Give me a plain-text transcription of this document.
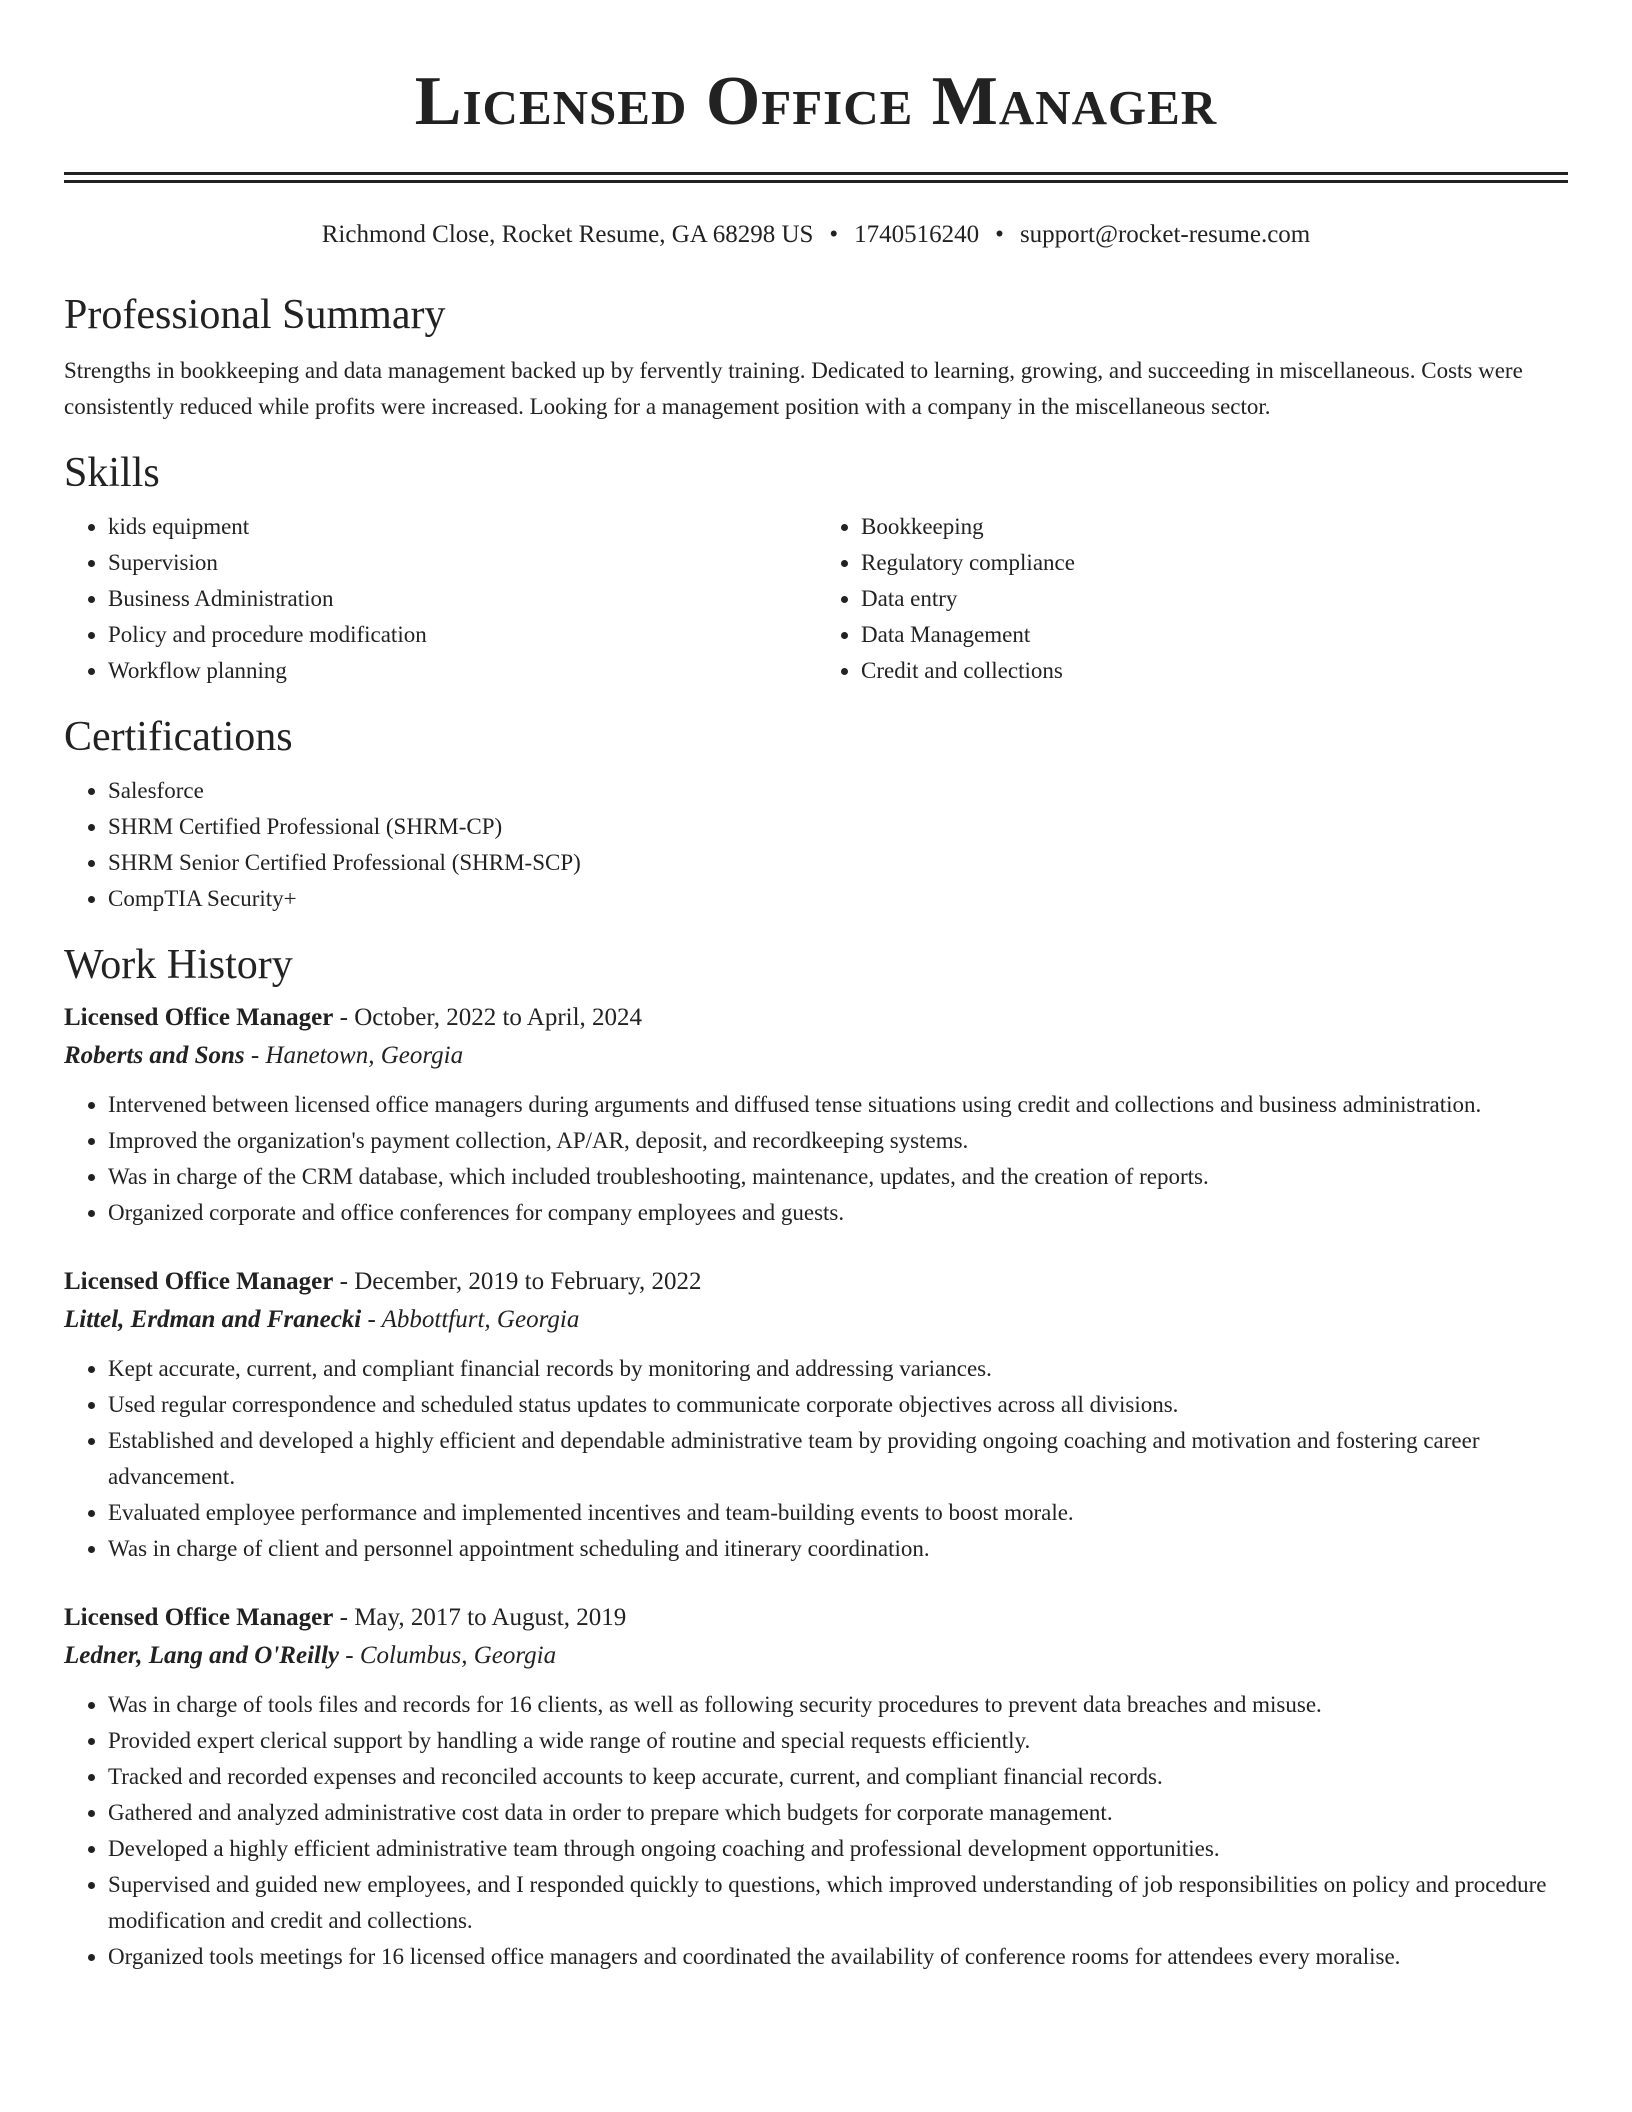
Licensed Office Manager
Richmond Close, Rocket Resume, GA 68298 US • 1740516240 • support@rocket-resume.com
Professional Summary

Strengths in bookkeeping and data management backed up by fervently training. Dedicated to learning, growing, and succeeding in miscellaneous. Costs were consistently reduced while profits were increased. Looking for a management position with a company in the miscellaneous sector.

Skills
• kids equipment
• Supervision
• Business Administration
• Policy and procedure modification
• Workflow planning
• Bookkeeping
• Regulatory compliance
• Data entry
• Data Management
• Credit and collections
Certifications
• Salesforce
• SHRM Certified Professional (SHRM-CP)
• SHRM Senior Certified Professional (SHRM-SCP)
• CompTIA Security+
Work History
Licensed Office Manager - October, 2022 to April, 2024
Roberts and Sons - Hanetown, Georgia
• Intervened between licensed office managers during arguments and diffused tense situations using credit and collections and business administration.
• Improved the organization's payment collection, AP/AR, deposit, and recordkeeping systems.
• Was in charge of the CRM database, which included troubleshooting, maintenance, updates, and the creation of reports.
• Organized corporate and office conferences for company employees and guests.
Licensed Office Manager - December, 2019 to February, 2022
Littel, Erdman and Franecki - Abbottfurt, Georgia
• Kept accurate, current, and compliant financial records by monitoring and addressing variances.
• Used regular correspondence and scheduled status updates to communicate corporate objectives across all divisions.
• Established and developed a highly efficient and dependable administrative team by providing ongoing coaching and motivation and fostering career advancement.
• Evaluated employee performance and implemented incentives and team-building events to boost morale.
• Was in charge of client and personnel appointment scheduling and itinerary coordination.
Licensed Office Manager - May, 2017 to August, 2019
Ledner, Lang and O'Reilly - Columbus, Georgia
• Was in charge of tools files and records for 16 clients, as well as following security procedures to prevent data breaches and misuse.
• Provided expert clerical support by handling a wide range of routine and special requests efficiently.
• Tracked and recorded expenses and reconciled accounts to keep accurate, current, and compliant financial records.
• Gathered and analyzed administrative cost data in order to prepare which budgets for corporate management.
• Developed a highly efficient administrative team through ongoing coaching and professional development opportunities.
• Supervised and guided new employees, and I responded quickly to questions, which improved understanding of job responsibilities on policy and procedure modification and credit and collections.
• Organized tools meetings for 16 licensed office managers and coordinated the availability of conference rooms for attendees every moralise.
